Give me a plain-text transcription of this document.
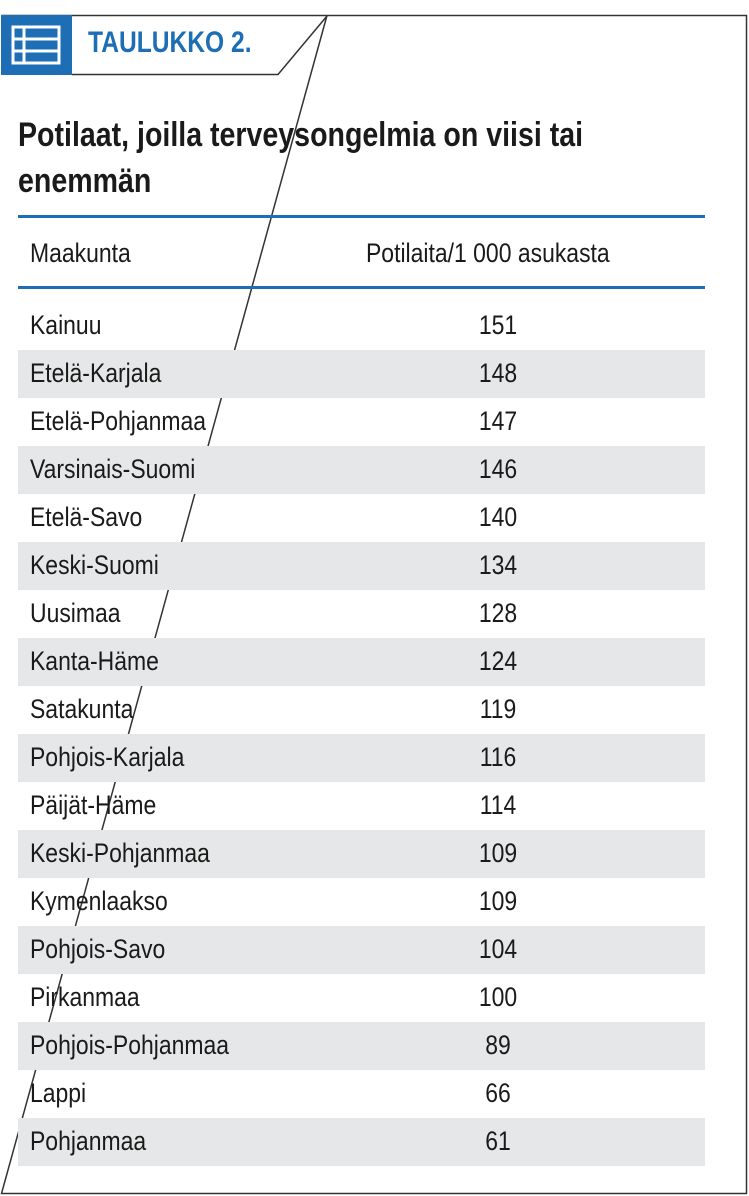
TAULUKKO 2.
Potilaat, joilla terveysongelmia on viisi tai
enemmän
Maakunta	Potilaita/1 000 asukasta
Kainuu	151
Etelä-Karjala	148
Etelä-Pohjanmaa	147
Varsinais-Suomi	146
Etelä-Savo	140
Keski-Suomi	134
Uusimaa	128
Kanta-Häme	124
Satakunta	119
Pohjois-Karjala	116
Päijät-Häme	114
Keski-Pohjanmaa	109
Kymenlaakso	109
Pohjois-Savo	104
Pirkanmaa	100
Pohjois-Pohjanmaa	89
Lappi	66
Pohjanmaa	61
